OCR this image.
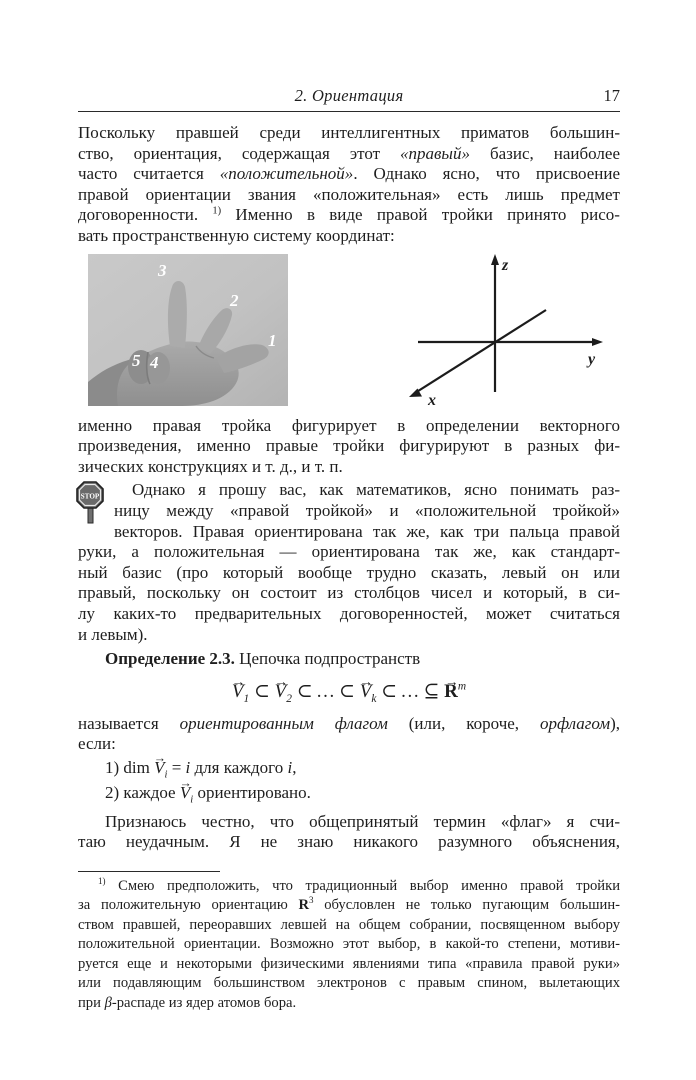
2. Ориентация	17
Поскольку правшей среди интеллигентных приматов большин-
ство, ориентация, содержащая этот «правый» базис, наиболее
часто считается «положительной». Однако ясно, что присвоение
правой ориентации звания «положительная» есть лишь предмет
договоренности. $^{1)}$ Именно в виде правой тройки принято рисо-
вать пространственную систему координат:
3
2
1
4
5
z
y
x
именно правая тройка фигурирует в определении векторного
произведения, именно правые тройки фигурируют в разных фи-
зических конструкциях и т. д., и т. п.
STOP	Однако я прошу вас, как математиков, ясно понимать раз-
ницу между «правой тройкой» и «положительной тройкой»
векторов. Правая ориентирована так же, как три пальца правой
руки, а положительная — ориентирована так же, как стандарт-
ный базис (про который вообще трудно сказать, левый он или
правый, поскольку он состоит из столбцов чисел и который, в си-
лу каких-то предварительных договоренностей, может считаться
и левым).
Определение 2.3. Цепочка подпространств
$V \to_1$ ⊂ $V \to_2$ ⊂ … ⊂ $V \to_k$ ⊂ … ⊆ R →$^m$
называется ориентированным флагом (или, короче, орфлагом),
если:
1) dim $V \to_i = i$ для каждого i,
2) каждое $V \to_i$ ориентировано.
Признаюсь честно, что общепринятый термин «флаг» я счи-
таю неудачным. Я не знаю никакого разумного объяснения,
$^{1)}$ Смею предположить, что традиционный выбор именно правой тройки
за положительную ориентацию $R^3$ обусловлен не только пугающим большин-
ством правшей, переоравших левшей на общем собрании, посвященном выбору
положительной ориентации. Возможно этот выбор, в какой-то степени, мотиви-
руется еще и некоторыми физическими явлениями типа «правила правой руки»
или подавляющим большинством электронов с правым спином, вылетающих
при β-распаде из ядер атомов бора.
